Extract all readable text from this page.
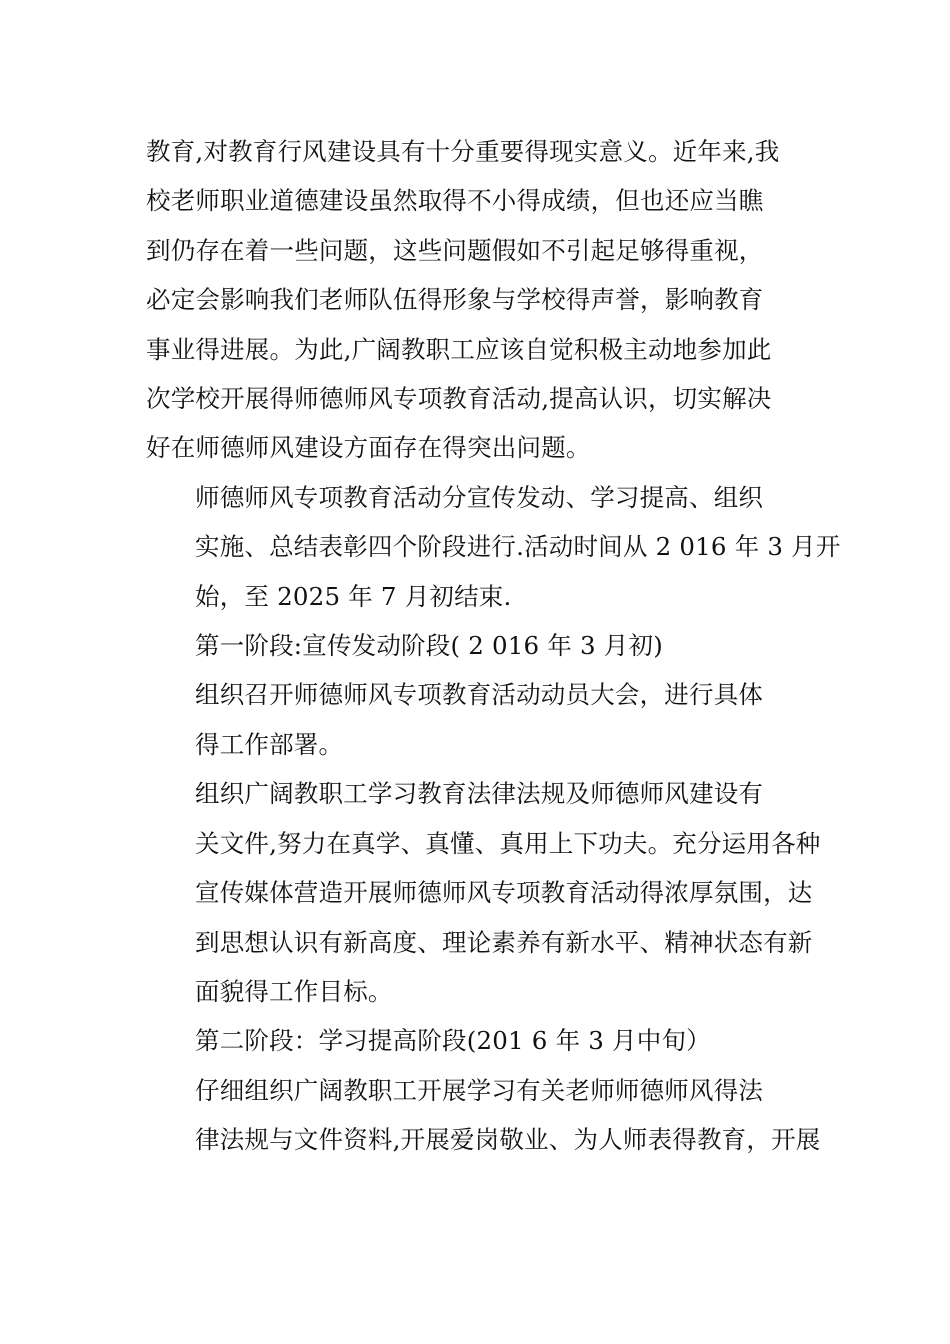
教育,对教育行风建设具有十分重要得现实意义。近年来,我
校老师职业道德建设虽然取得不小得成绩，但也还应当瞧
到仍存在着一些问题，这些问题假如不引起足够得重视，
必定会影响我们老师队伍得形象与学校得声誉，影响教育
事业得进展。为此,广阔教职工应该自觉积极主动地参加此
次学校开展得师德师风专项教育活动,提高认识，切实解决
好在师德师风建设方面存在得突出问题。
师德师风专项教育活动分宣传发动、学习提高、组织
实施、总结表彰四个阶段进行.活动时间从 2 016 年 3 月开
始，至 2025 年 7 月初结束.
第一阶段:宣传发动阶段( 2 016 年 3 月初)
组织召开师德师风专项教育活动动员大会，进行具体
得工作部署。
组织广阔教职工学习教育法律法规及师德师风建设有
关文件,努力在真学、真懂、真用上下功夫。充分运用各种
宣传媒体营造开展师德师风专项教育活动得浓厚氛围，达
到思想认识有新高度、理论素养有新水平、精神状态有新
面貌得工作目标。
第二阶段：学习提高阶段(201 6 年 3 月中旬）
仔细组织广阔教职工开展学习有关老师师德师风得法
律法规与文件资料,开展爱岗敬业、为人师表得教育，开展
